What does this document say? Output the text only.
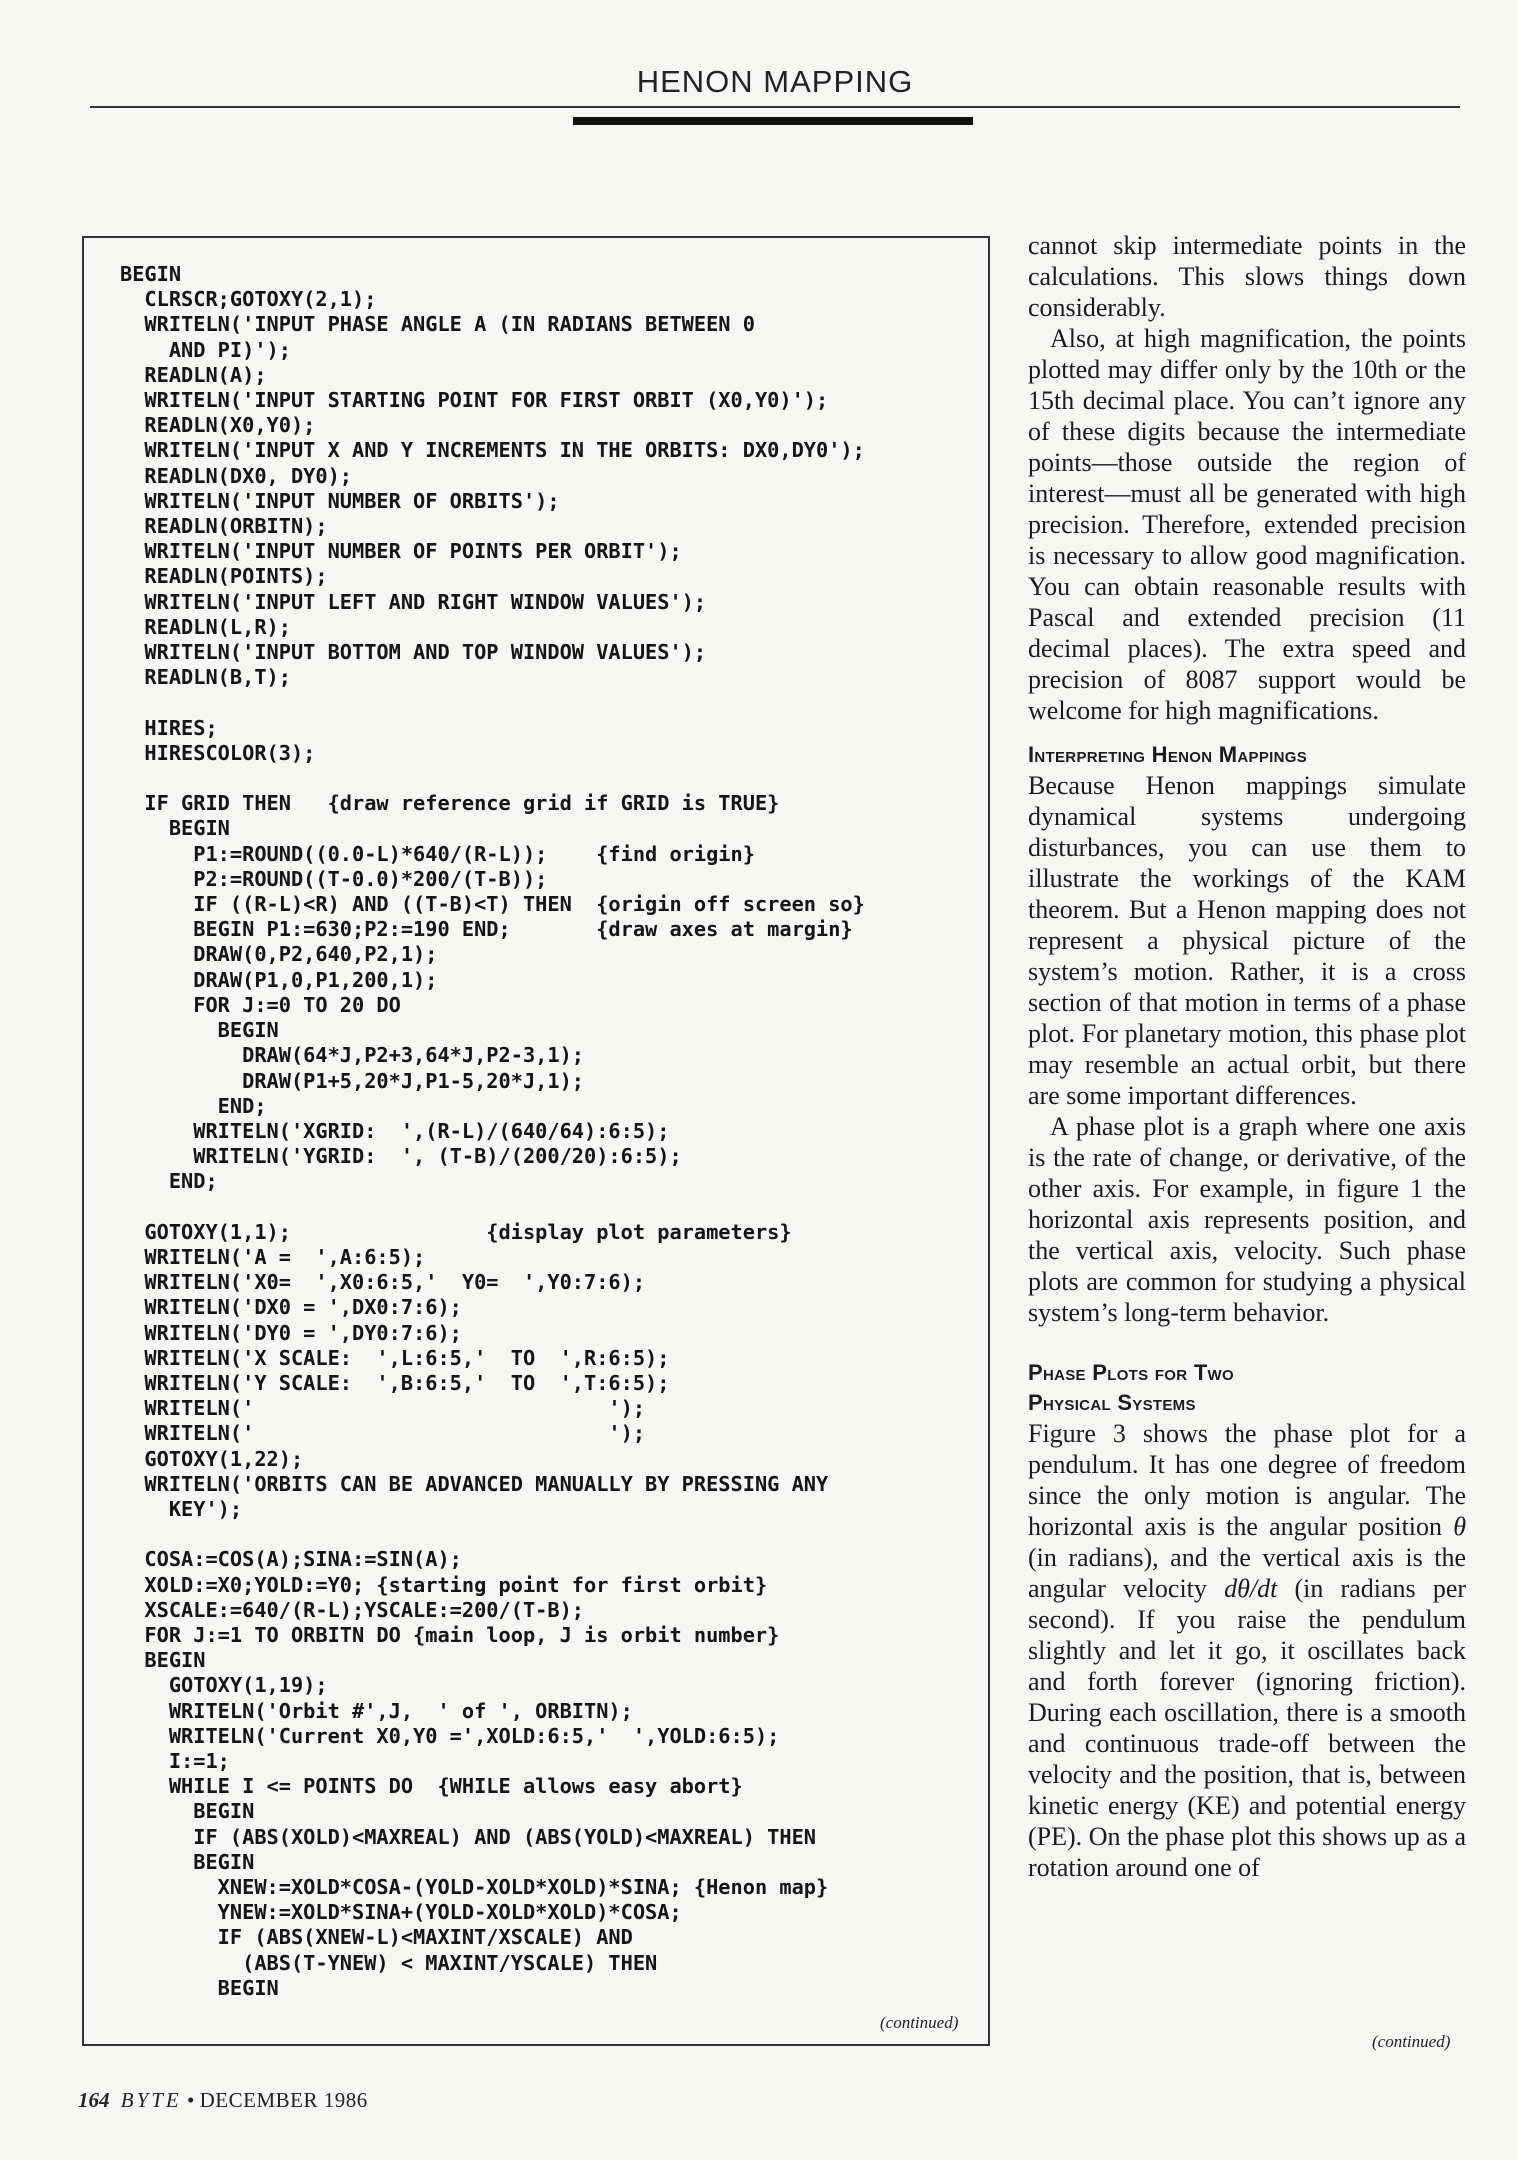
HENON MAPPING
BEGIN
CLRSCR;GOTOXY(2,1);
WRITELN('INPUT PHASE ANGLE A (IN RADIANS BETWEEN 0
AND PI)');
READLN(A);
WRITELN('INPUT STARTING POINT FOR FIRST ORBIT (X0,Y0)');
READLN(X0,Y0);
WRITELN('INPUT X AND Y INCREMENTS IN THE ORBITS: DX0,DY0');
READLN(DX0, DY0);
WRITELN('INPUT NUMBER OF ORBITS');
READLN(ORBITN);
WRITELN('INPUT NUMBER OF POINTS PER ORBIT');
READLN(POINTS);
WRITELN('INPUT LEFT AND RIGHT WINDOW VALUES');
READLN(L,R);
WRITELN('INPUT BOTTOM AND TOP WINDOW VALUES');
READLN(B,T);

HIRES;
HIRESCOLOR(3);

IF GRID THEN   {draw reference grid if GRID is TRUE}
BEGIN
P1:=ROUND((0.0-L)*640/(R-L));    {find origin}
P2:=ROUND((T-0.0)*200/(T-B));
IF ((R-L)<R) AND ((T-B)<T) THEN  {origin off screen so}
BEGIN P1:=630;P2:=190 END;       {draw axes at margin}
DRAW(0,P2,640,P2,1);
DRAW(P1,0,P1,200,1);
FOR J:=0 TO 20 DO
BEGIN
DRAW(64*J,P2+3,64*J,P2-3,1);
DRAW(P1+5,20*J,P1-5,20*J,1);
END;
WRITELN('XGRID:  ',(R-L)/(640/64):6:5);
WRITELN('YGRID:  ', (T-B)/(200/20):6:5);
END;

GOTOXY(1,1);                {display plot parameters}
WRITELN('A =  ',A:6:5);
WRITELN('X0=  ',X0:6:5,'  Y0=  ',Y0:7:6);
WRITELN('DX0 = ',DX0:7:6);
WRITELN('DY0 = ',DY0:7:6);
WRITELN('X SCALE:  ',L:6:5,'  TO  ',R:6:5);
WRITELN('Y SCALE:  ',B:6:5,'  TO  ',T:6:5);
WRITELN('                             ');
WRITELN('                             ');
GOTOXY(1,22);
WRITELN('ORBITS CAN BE ADVANCED MANUALLY BY PRESSING ANY
KEY');

COSA:=COS(A);SINA:=SIN(A);
XOLD:=X0;YOLD:=Y0; {starting point for first orbit}
XSCALE:=640/(R-L);YSCALE:=200/(T-B);
FOR J:=1 TO ORBITN DO {main loop, J is orbit number}
BEGIN
GOTOXY(1,19);
WRITELN('Orbit #',J,  ' of ', ORBITN);
WRITELN('Current X0,Y0 =',XOLD:6:5,'  ',YOLD:6:5);
I:=1;
WHILE I <= POINTS DO  {WHILE allows easy abort}
BEGIN
IF (ABS(XOLD)<MAXREAL) AND (ABS(YOLD)<MAXREAL) THEN
BEGIN
XNEW:=XOLD*COSA-(YOLD-XOLD*XOLD)*SINA; {Henon map}
YNEW:=XOLD*SINA+(YOLD-XOLD*XOLD)*COSA;
IF (ABS(XNEW-L)<MAXINT/XSCALE) AND
(ABS(T-YNEW) < MAXINT/YSCALE) THEN
BEGIN
(continued)

cannot skip intermediate points in the calculations. This slows things down considerably.

Also, at high magnification, the points plotted may differ only by the 10th or the 15th decimal place. You can’t ignore any of these digits because the intermediate points—those outside the region of interest—must all be generated with high precision. Therefore, extended precision is necessary to allow good magnification. You can obtain reasonable results with Pascal and extended precision (11 decimal places). The extra speed and precision of 8087 support would be welcome for high magnifications.

Interpreting Henon Mappings

Because Henon mappings simulate dynamical systems undergoing disturbances, you can use them to illustrate the workings of the KAM theorem. But a Henon mapping does not represent a physical picture of the system’s motion. Rather, it is a cross section of that motion in terms of a phase plot. For planetary motion, this phase plot may resemble an actual orbit, but there are some important differences.

A phase plot is a graph where one axis is the rate of change, or derivative, of the other axis. For example, in figure 1 the horizontal axis represents position, and the vertical axis, velocity. Such phase plots are common for studying a physical system’s long-term behavior.

Phase Plots for Two
Physical Systems

Figure 3 shows the phase plot for a pendulum. It has one degree of freedom since the only motion is angular. The horizontal axis is the angular position θ (in radians), and the vertical axis is the angular velocity dθ/dt (in radians per second). If you raise the pendulum slightly and let it go, it oscillates back and forth forever (ignoring friction). During each oscillation, there is a smooth and continuous trade-off between the velocity and the position, that is, between kinetic energy (KE) and potential energy (PE). On the phase plot this shows up as a rotation around one of

(continued)
164 BYTE • DECEMBER 1986
